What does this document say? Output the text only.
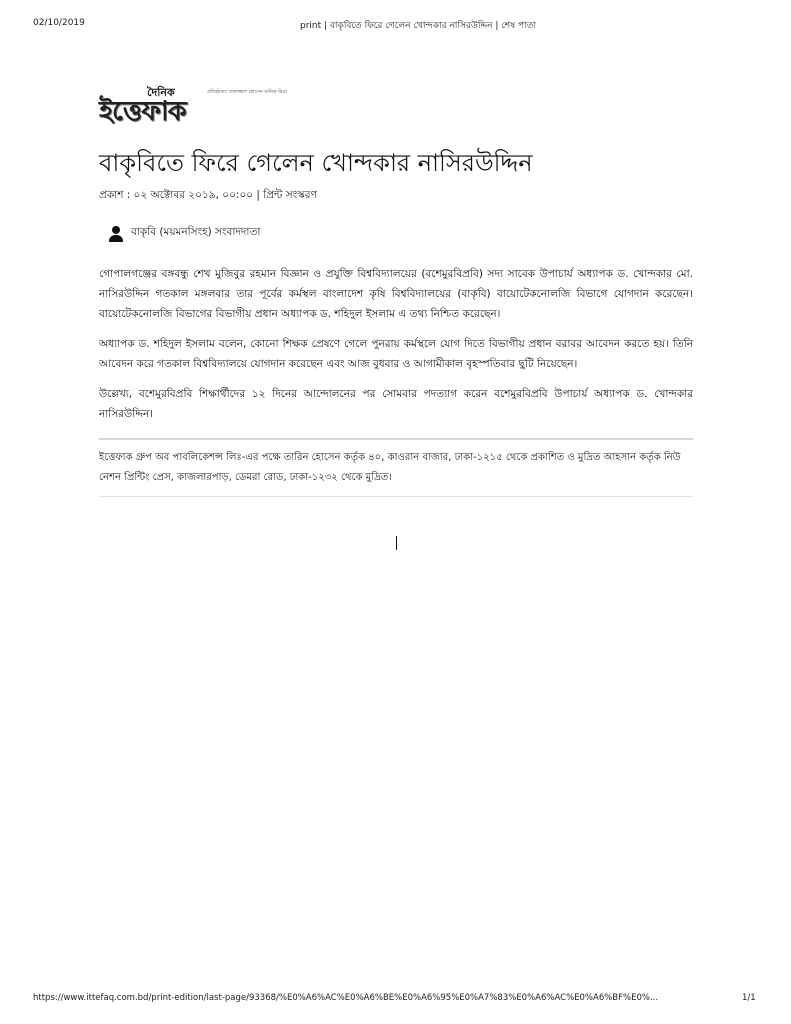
02/10/2019	print | বাকৃবিতে ফিরে গেলেন খোন্দকার নাসিরউদ্দিন | শেষ পাতা
দৈনিক	প্রতিষ্ঠাতা: তফাজ্জল হোসেন মানিক মিয়া
ইত্তেফাক
বাকৃবিতে ফিরে গেলেন খোন্দকার নাসিরউদ্দিন
প্রকাশ : ০২ অক্টোবর ২০১৯, ০০:০০ | প্রিন্ট সংস্করণ
বাকৃবি (ময়মনসিংহ) সংবাদদাতা

গোপালগঞ্জের বঙ্গবন্ধু শেখ মুজিবুর রহমান বিজ্ঞান ও প্রযুক্তি বিশ্ববিদ্যালয়ের (বশেমুরবিপ্রবি) সদ্য সাবেক উপাচার্য অধ্যাপক ড. খোন্দকার মো. নাসিরউদ্দিন গতকাল মঙ্গলবার তার পূর্বের কর্মস্থল বাংলাদেশ কৃষি বিশ্ববিদ্যালয়ের (বাকৃবি) বায়োটেকনোলজি বিভাগে যোগদান করেছেন। বায়োটেকনোলজি বিভাগের বিভাগীয় প্রধান অধ্যাপক ড. শহিদুল ইসলাম এ তথ্য নিশ্চিত করেছেন।

অধ্যাপক ড. শহিদুল ইসলাম বলেন, কোনো শিক্ষক প্রেষণে গেলে পুনরায় কর্মস্থলে যোগ দিতে বিভাগীয় প্রধান বরাবর আবেদন করতে হয়। তিনি আবেদন করে গতকাল বিশ্ববিদ্যালয়ে যোগদান করেছেন এবং আজ বুধবার ও আগামীকাল বৃহস্পতিবার ছুটি নিয়েছেন।

উল্লেখ্য, বশেমুরবিপ্রবি শিক্ষার্থীদের ১২ দিনের আন্দোলনের পর সোমবার পদত্যাগ করেন বশেমুরবিপ্রবি উপাচার্য অধ্যাপক ড. খোন্দকার নাসিরউদ্দিন।

ইত্তেফাক গ্রুপ অব পাবলিকেশন্স লিঃ-এর পক্ষে তারিন হোসেন কর্তৃক ৪০, কাওরান বাজার, ঢাকা-১২১৫ থেকে প্রকাশিত ও মুদ্রিত আহসান কর্তৃক নিউ নেশন প্রিন্টিং প্রেস, কাজলারপাড়, ডেমরা রোড, ঢাকা-১২৩২ থেকে মুদ্রিত।
https://www.ittefaq.com.bd/print-edition/last-page/93368/%E0%A6%AC%E0%A6%BE%E0%A6%95%E0%A7%83%E0%A6%AC%E0%A6%BF%E0%...	1/1
